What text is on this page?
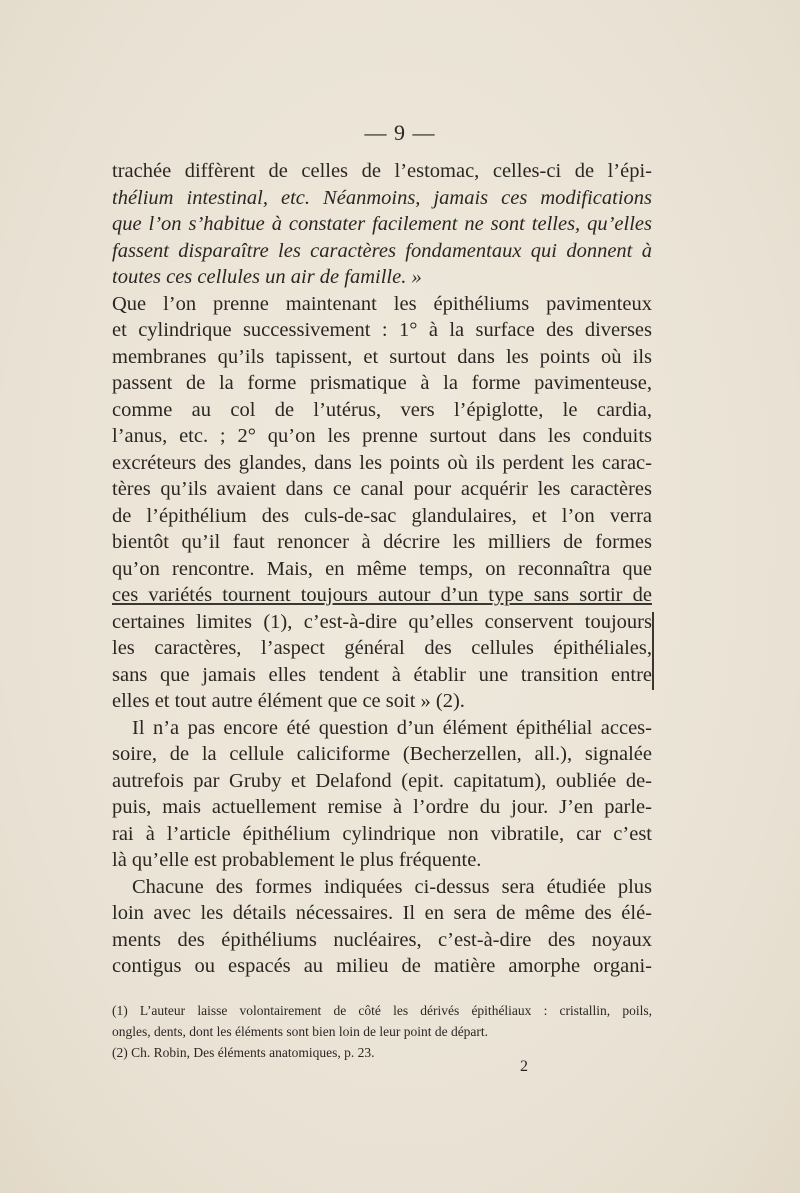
— 9 —
trachée diffèrent de celles de l’estomac, celles-ci de l’épi-
thélium intestinal, etc. Néanmoins, jamais ces modifications
que l’on s’habitue à constater facilement ne sont telles, qu’elles
fassent disparaître les caractères fondamentaux qui donnent à
toutes ces cellules un air de famille. »
Que l’on prenne maintenant les épithéliums pavimenteux
et cylindrique successivement : 1° à la surface des diverses
membranes qu’ils tapissent, et surtout dans les points où ils
passent de la forme prismatique à la forme pavimenteuse,
comme au col de l’utérus, vers l’épiglotte, le cardia,
l’anus, etc. ; 2° qu’on les prenne surtout dans les conduits
excréteurs des glandes, dans les points où ils perdent les carac-
tères qu’ils avaient dans ce canal pour acquérir les caractères
de l’épithélium des culs-de-sac glandulaires, et l’on verra
bientôt qu’il faut renoncer à décrire les milliers de formes
qu’on rencontre. Mais, en même temps, on reconnaîtra que
ces variétés tournent toujours autour d’un type sans sortir de
certaines limites (1), c’est-à-dire qu’elles conservent toujours
les caractères, l’aspect général des cellules épithéliales,
sans que jamais elles tendent à établir une transition entre
elles et tout autre élément que ce soit » (2).
Il n’a pas encore été question d’un élément épithélial acces-
soire, de la cellule caliciforme (Becherzellen, all.), signalée
autrefois par Gruby et Delafond (epit. capitatum), oubliée de-
puis, mais actuellement remise à l’ordre du jour. J’en parle-
rai à l’article épithélium cylindrique non vibratile, car c’est
là qu’elle est probablement le plus fréquente.
Chacune des formes indiquées ci-dessus sera étudiée plus
loin avec les détails nécessaires. Il en sera de même des élé-
ments des épithéliums nucléaires, c’est-à-dire des noyaux
contigus ou espacés au milieu de matière amorphe organi-
(1) L’auteur laisse volontairement de côté les dérivés épithéliaux : cristallin, poils,
ongles, dents, dont les éléments sont bien loin de leur point de départ.
(2) Ch. Robin, Des éléments anatomiques, p. 23.
2
